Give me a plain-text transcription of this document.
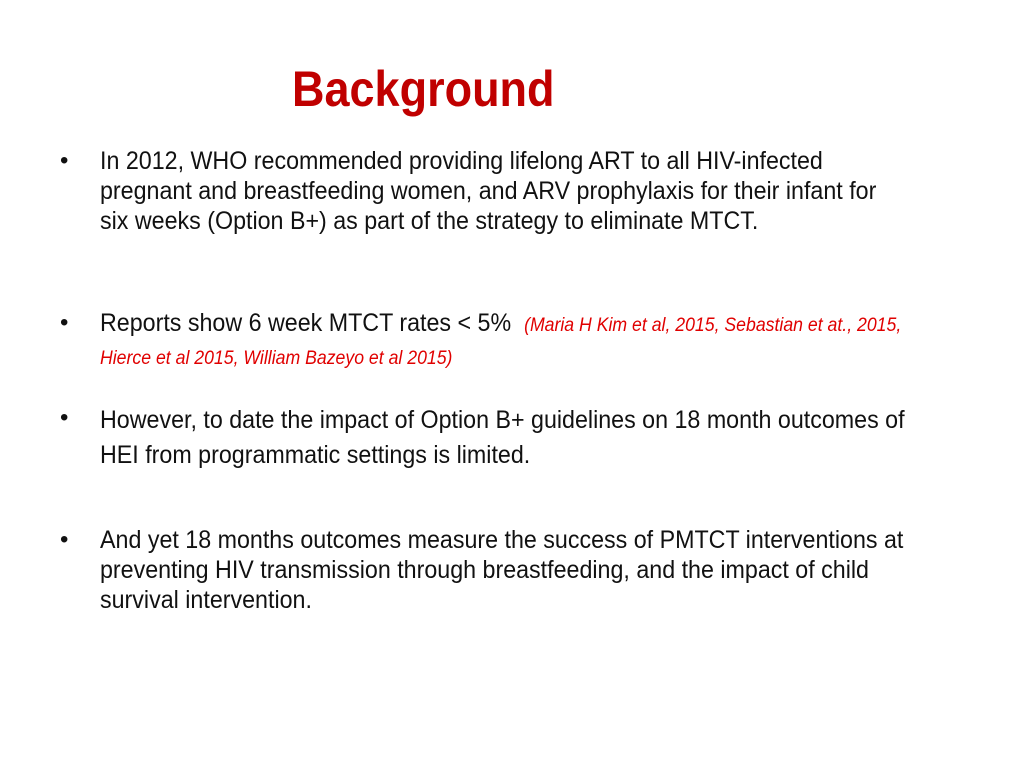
Background
• In 2012, WHO recommended providing lifelong ART to all HIV-infected pregnant and breastfeeding women, and ARV prophylaxis for their infant for six weeks (Option B+) as part of the strategy to eliminate MTCT.
• Reports show 6 week MTCT rates < 5% (Maria H Kim et al, 2015, Sebastian et at., 2015, Hierce et al 2015, William Bazeyo et al 2015)
• However, to date the impact of Option B+ guidelines on 18 month outcomes of HEI from programmatic settings is limited.
• And yet 18 months outcomes measure the success of PMTCT interventions at preventing HIV transmission through breastfeeding, and the impact of child survival intervention.
